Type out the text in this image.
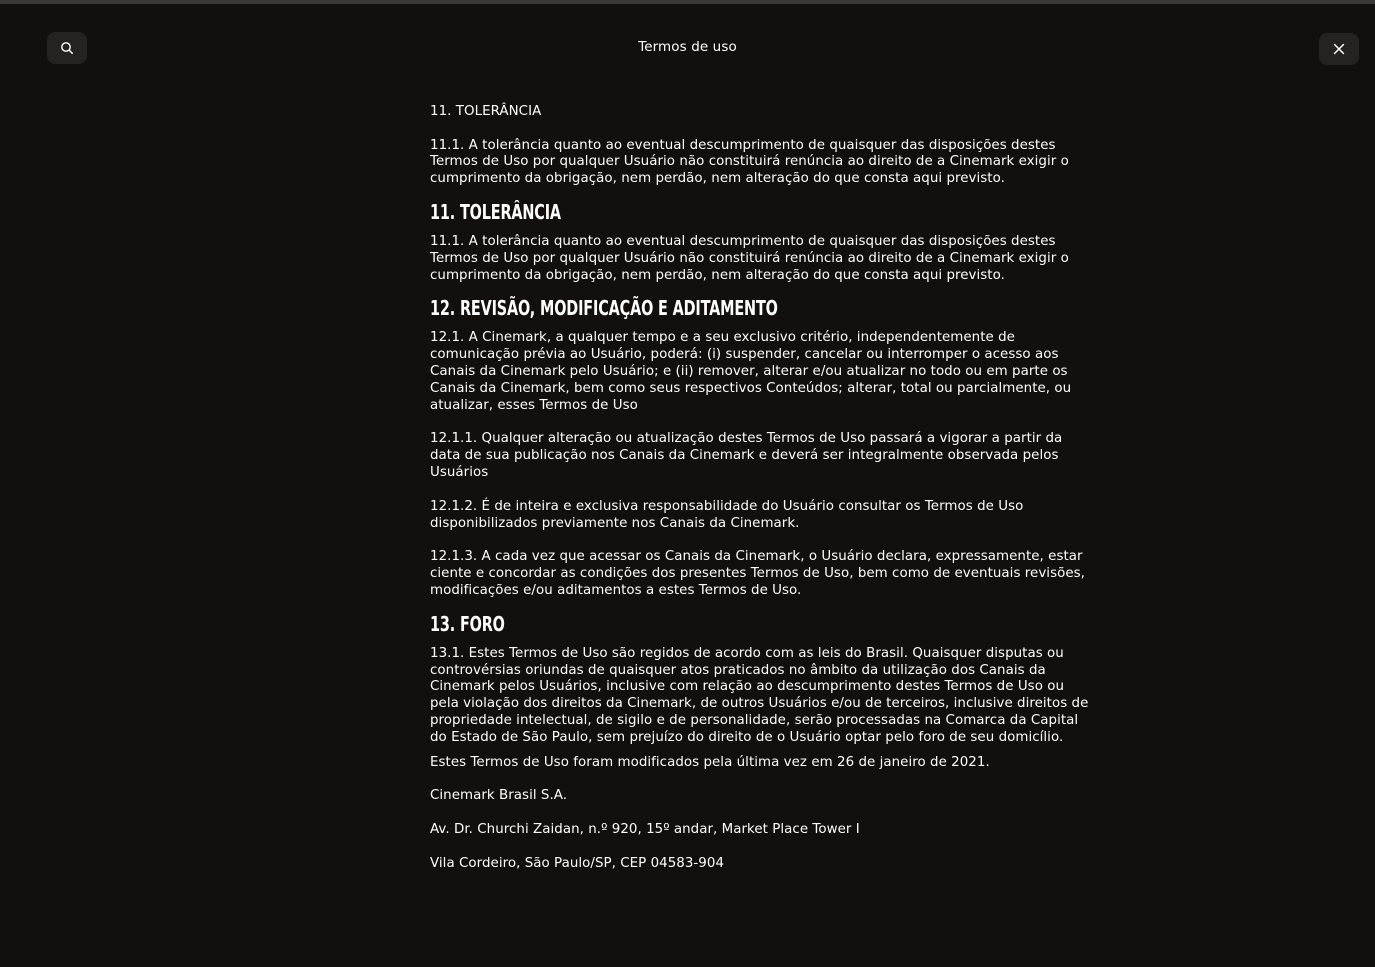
Termos de uso

11. TOLERÂNCIA

11.1. A tolerância quanto ao eventual descumprimento de quaisquer das disposições destes Termos de Uso por qualquer Usuário não constituirá renúncia ao direito de a Cinemark exigir o cumprimento da obrigação, nem perdão, nem alteração do que consta aqui previsto.

11. TOLERÂNCIA

11.1. A tolerância quanto ao eventual descumprimento de quaisquer das disposições destes Termos de Uso por qualquer Usuário não constituirá renúncia ao direito de a Cinemark exigir o cumprimento da obrigação, nem perdão, nem alteração do que consta aqui previsto.

12. REVISÃO, MODIFICAÇÃO E ADITAMENTO

12.1. A Cinemark, a qualquer tempo e a seu exclusivo critério, independentemente de comunicação prévia ao Usuário, poderá: (i) suspender, cancelar ou interromper o acesso aos Canais da Cinemark pelo Usuário; e (ii) remover, alterar e/ou atualizar no todo ou em parte os Canais da Cinemark, bem como seus respectivos Conteúdos; alterar, total ou parcialmente, ou atualizar, esses Termos de Uso

12.1.1. Qualquer alteração ou atualização destes Termos de Uso passará a vigorar a partir da data de sua publicação nos Canais da Cinemark e deverá ser integralmente observada pelos Usuários

12.1.2. É de inteira e exclusiva responsabilidade do Usuário consultar os Termos de Uso disponibilizados previamente nos Canais da Cinemark.

12.1.3. A cada vez que acessar os Canais da Cinemark, o Usuário declara, expressamente, estar ciente e concordar as condições dos presentes Termos de Uso, bem como de eventuais revisões, modificações e/ou aditamentos a estes Termos de Uso.

13. FORO

13.1. Estes Termos de Uso são regidos de acordo com as leis do Brasil. Quaisquer disputas ou controvérsias oriundas de quaisquer atos praticados no âmbito da utilização dos Canais da Cinemark pelos Usuários, inclusive com relação ao descumprimento destes Termos de Uso ou pela violação dos direitos da Cinemark, de outros Usuários e/ou de terceiros, inclusive direitos de propriedade intelectual, de sigilo e de personalidade, serão processadas na Comarca da Capital do Estado de São Paulo, sem prejuízo do direito de o Usuário optar pelo foro de seu domicílio.

Estes Termos de Uso foram modificados pela última vez em 26 de janeiro de 2021.

Cinemark Brasil S.A.

Av. Dr. Churchi Zaidan, n.º 920, 15º andar, Market Place Tower I

Vila Cordeiro, São Paulo/SP, CEP 04583-904
